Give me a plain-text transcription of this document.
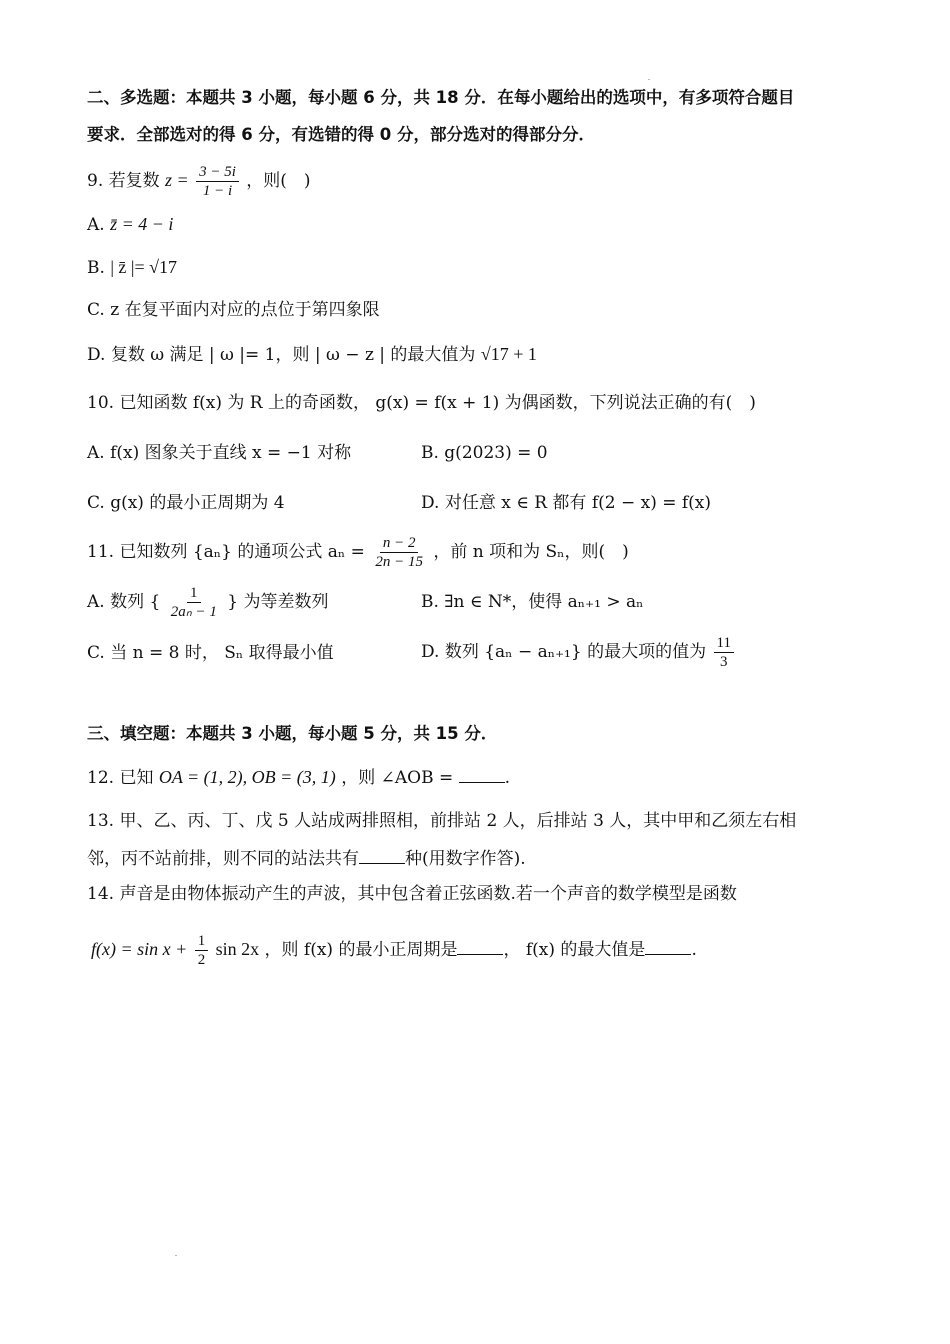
二、多选题：本题共 3 小题，每小题 6 分，共 18 分．在每小题给出的选项中，有多项符合题目
要求．全部选对的得 6 分，有选错的得 0 分，部分选对的得部分分．
9. 若复数 $z = \frac{3 - 5i}{1 - i}$ ，则(　)
A. z̄ = 4 − i
B. | z̄ |= √17
C. z 在复平面内对应的点位于第四象限
D. 复数 ω 满足 | ω |= 1，则 | ω − z | 的最大值为 √17 + 1
10. 已知函数 f(x) 为 R 上的奇函数， g(x) = f(x + 1) 为偶函数，下列说法正确的有(　)
A. f(x) 图象关于直线 x = −1 对称	B. g(2023) = 0
C. g(x) 的最小正周期为 4	D. 对任意 x ∈ R 都有 f(2 − x) = f(x)
11. 已知数列 {aₙ} 的通项公式 $a_n = \frac{n - 2}{2n - 15}$ ，前 n 项和为 Sₙ，则(　)
A. 数列 { $\frac{1}{\text{2aₙ − 1}}$ } 为等差数列	B. ∃n ∈ N*，使得 aₙ₊₁ > aₙ
C. 当 n = 8 时， Sₙ 取得最小值	D. 数列 {aₙ − aₙ₊₁} 的最大项的值为 $\frac{11}{3}$
三、填空题：本题共 3 小题，每小题 5 分，共 15 分．
12. 已知 OA = (1, 2), OB = (3, 1) ，则 ∠AOB =	.
13. 甲、乙、丙、丁、戊 5 人站成两排照相，前排站 2 人，后排站 3 人，其中甲和乙须左右相
邻，丙不站前排，则不同的站法共有	种(用数字作答).
14. 声音是由物体振动产生的声波，其中包含着正弦函数.若一个声音的数学模型是函数
$f(x) = \sin x + \frac{1}{2}$ sin 2x ，则 f(x) 的最小正周期是	， f(x) 的最大值是	.
